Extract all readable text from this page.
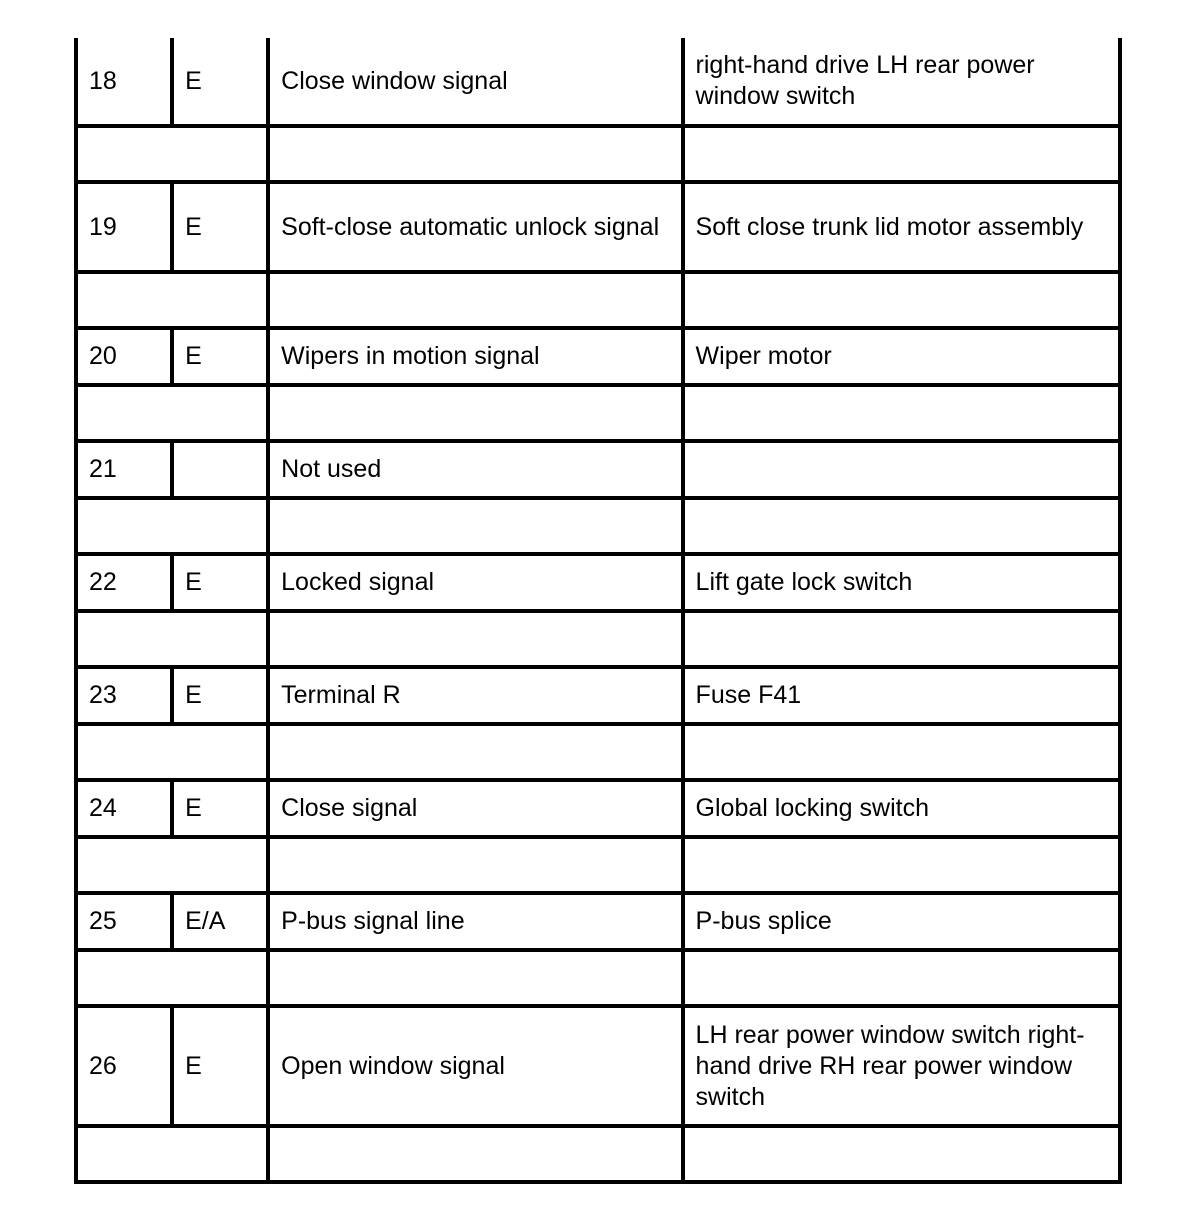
18	E	Close window signal	right-hand drive LH rear power window switch

19	E	Soft-close automatic unlock signal	Soft close trunk lid motor assembly

20	E	Wipers in motion signal	Wiper motor

21		Not used	

22	E	Locked signal	Lift gate lock switch

23	E	Terminal R	Fuse F41

24	E	Close signal	Global locking switch

25	E/A	P-bus signal line	P-bus splice

26	E	Open window signal	LH rear power window switch right-hand drive RH rear power window switch
